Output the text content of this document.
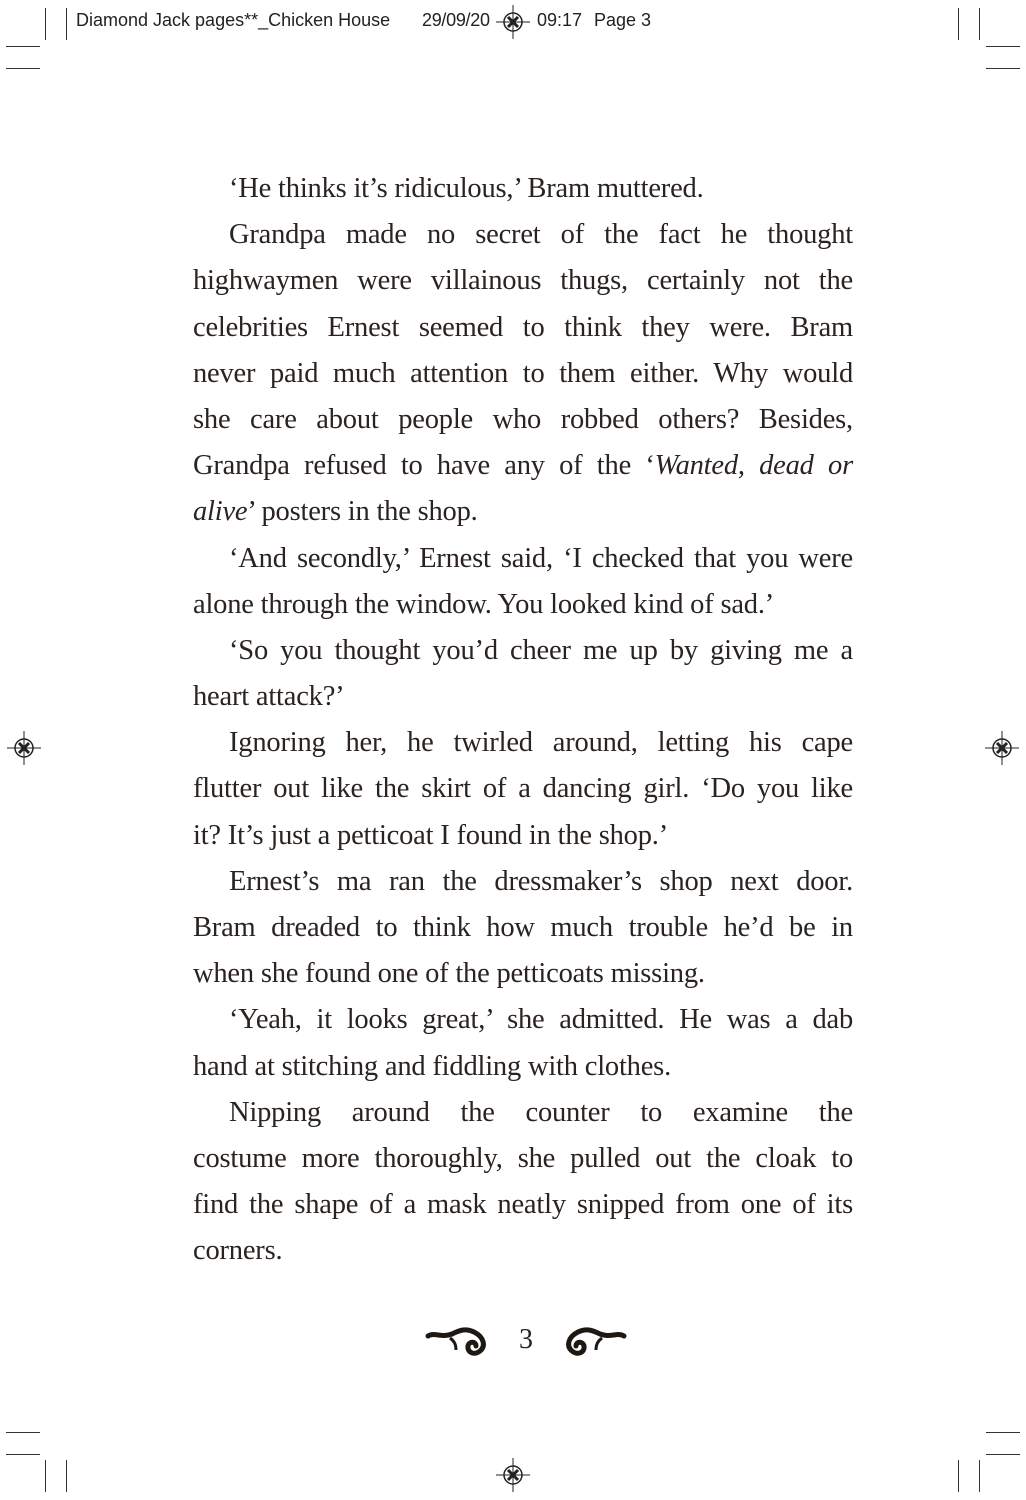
Diamond Jack pages**_Chicken House 29/09/20	09:17 Page 3
‘He thinks it’s ridiculous,’ Bram muttered.
Grandpa made no secret of the fact he thought
highwaymen were villainous thugs, certainly not the
celebrities Ernest seemed to think they were. Bram
never paid much attention to them either. Why would
she care about people who robbed others? Besides,
Grandpa refused to have any of the ‘Wanted, dead or
alive’ posters in the shop.
‘And secondly,’ Ernest said, ‘I checked that you were
alone through the window. You looked kind of sad.’
‘So you thought you’d cheer me up by giving me a
heart attack?’
Ignoring her, he twirled around, letting his cape
flutter out like the skirt of a dancing girl. ‘Do you like
it? It’s just a petticoat I found in the shop.’
Ernest’s ma ran the dressmaker’s shop next door.
Bram dreaded to think how much trouble he’d be in
when she found one of the petticoats missing.
‘Yeah, it looks great,’ she admitted. He was a dab
hand at stitching and fiddling with clothes.
Nipping around the counter to examine the
costume more thoroughly, she pulled out the cloak to
find the shape of a mask neatly snipped from one of its
corners.
3
